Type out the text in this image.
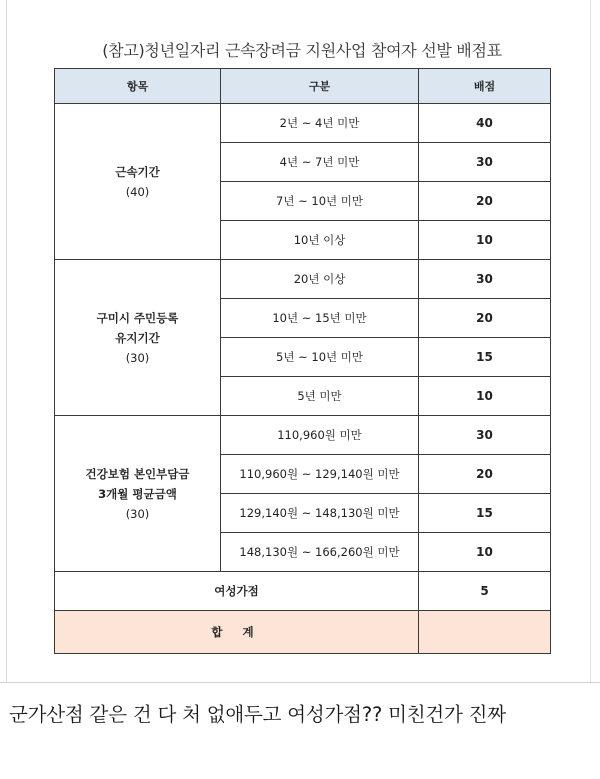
(참고)청년일자리 근속장려금 지원사업 참여자 선발 배점표
항목	구분	배점

근속기간
(40)	2년 ~ 4년 미만	40
	4년 ~ 7년 미만	30
	7년 ~ 10년 미만	20
	10년 이상	10

구미시 주민등록
유지기간
(30)	20년 이상	30
	10년 ~ 15년 미만	20
	5년 ~ 10년 미만	15
	5년 미만	10

건강보험 본인부담금
3개월 평균금액
(30)	110,960원 미만	30
	110,960원 ~ 129,140원 미만	20
	129,140원 ~ 148,130원 미만	15
	148,130원 ~ 166,260원 미만	10
여성가점		5
합 계		
군가산점 같은 건 다 처 없애두고 여성가점?? 미친건가 진짜
